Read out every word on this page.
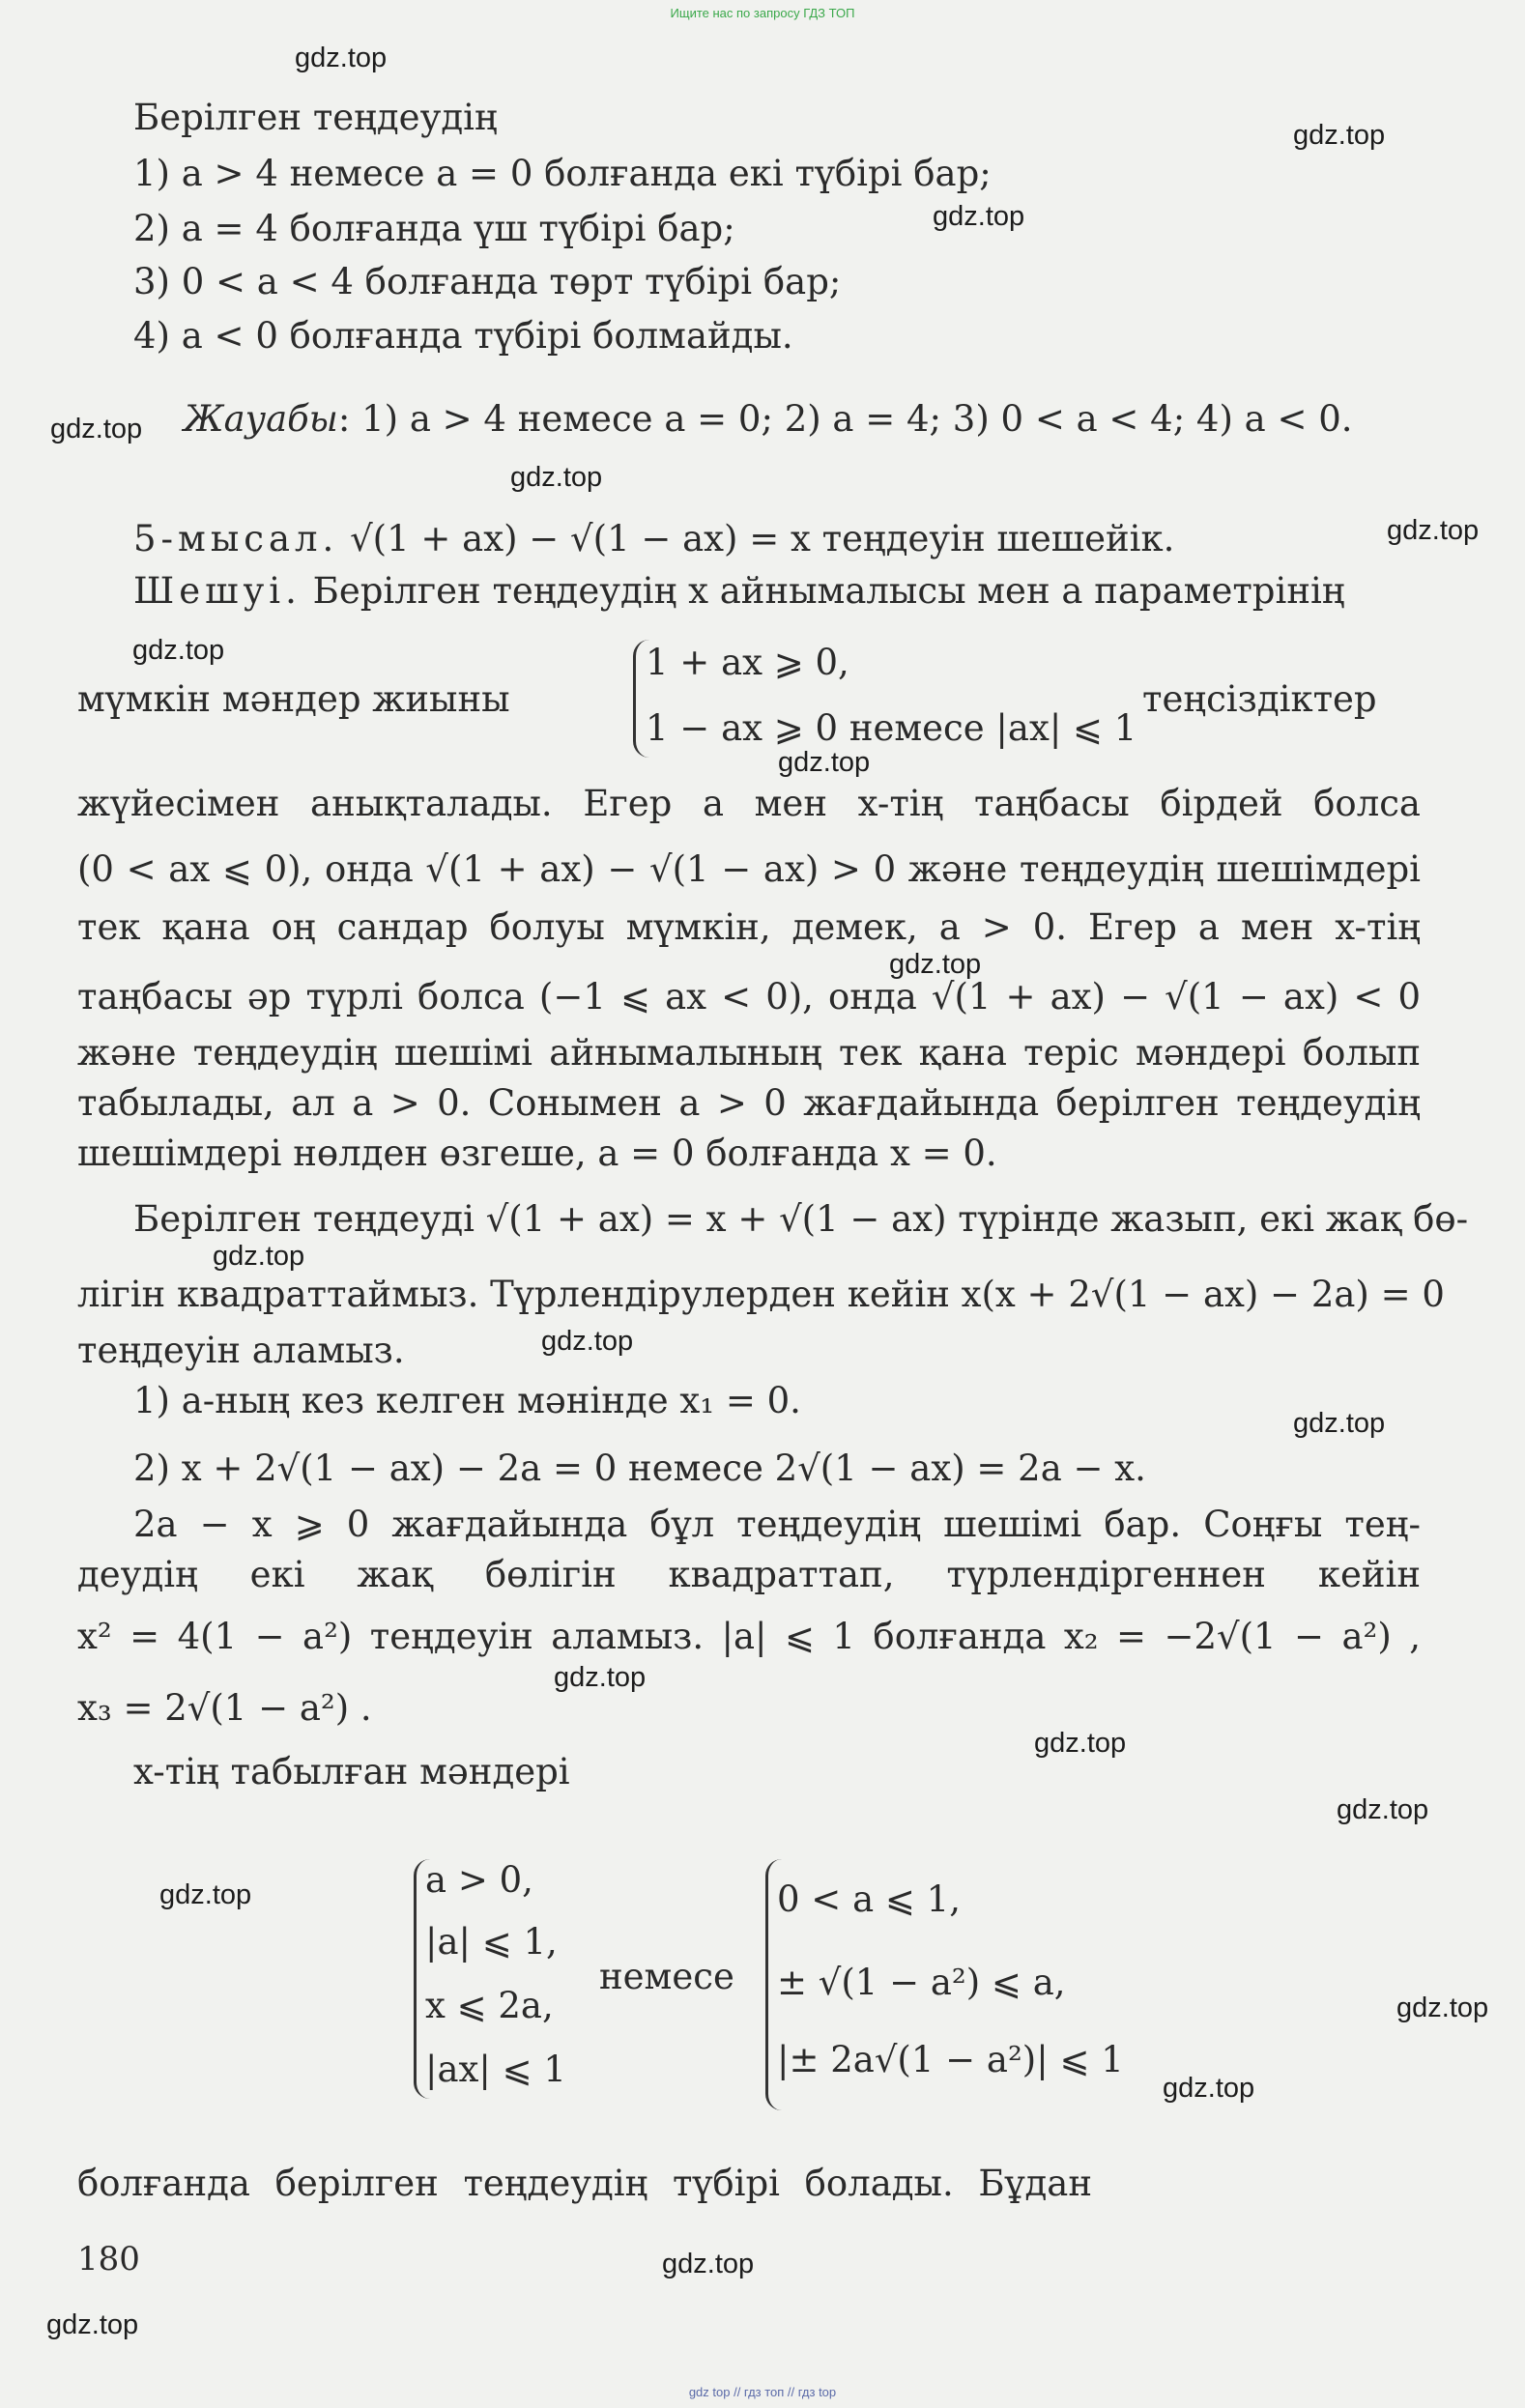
Ищите нас по запросу ГДЗ ТОП
gdz.top
gdz.top
gdz.top
gdz.top
gdz.top
gdz.top
gdz.top
gdz.top
gdz.top
gdz.top
gdz.top
gdz.top
gdz.top
gdz.top
gdz.top
gdz.top
gdz.top
gdz.top
gdz.top
gdz.top
Берілген теңдеудің
1) a > 4 немесе a = 0 болғанда екі түбірі бар;
2) a = 4 болғанда үш түбірі бар;
3) 0 < a < 4 болғанда төрт түбірі бар;
4) a < 0 болғанда түбірі болмайды.
Жауабы: 1) a > 4 немесе a = 0; 2) a = 4; 3) 0 < a < 4; 4) a < 0.
5-мысал. √(1 + ax) − √(1 − ax) = x теңдеуін шешейік.
Шешуі. Берілген теңдеудің x айнымалысы мен a параметрінің
мүмкін мәндер жиыны
1 + ax ⩾ 0,
1 − ax ⩾ 0 немесе |ax| ⩽ 1
теңсіздіктер
жүйесімен анықталады. Егер a мен x-тің таңбасы бірдей болса
(0 < ax ⩽ 0), онда √(1 + ax) − √(1 − ax) > 0 және теңдеудің шешімдері
тек қана оң сандар болуы мүмкін, демек, a > 0. Егер a мен x-тің
таңбасы әр түрлі болса (−1 ⩽ ax < 0), онда √(1 + ax) − √(1 − ax) < 0
және теңдеудің шешімі айнымалының тек қана теріс мәндері болып
табылады, ал a > 0. Сонымен a > 0 жағдайында берілген теңдеудің
шешімдері нөлден өзгеше, a = 0 болғанда x = 0.
Берілген теңдеуді √(1 + ax) = x + √(1 − ax) түрінде жазып, екі жақ бө-
лігін квадраттаймыз. Түрлендірулерден кейін x(x + 2√(1 − ax) − 2a) = 0
теңдеуін аламыз.
1) a-ның кез келген мәнінде x₁ = 0.
2) x + 2√(1 − ax) − 2a = 0 немесе 2√(1 − ax) = 2a − x.
2a − x ⩾ 0 жағдайында бұл теңдеудің шешімі бар. Соңғы тең-
деудің екі жақ бөлігін квадраттап, түрлендіргеннен кейін
x² = 4(1 − a²) теңдеуін аламыз. |a| ⩽ 1 болғанда x₂ = −2√(1 − a²) ,
x₃ = 2√(1 − a²) .
x-тің табылған мәндері
a > 0,
|a| ⩽ 1,
x ⩽ 2a,
|ax| ⩽ 1
немесе
0 < a ⩽ 1,
± √(1 − a²) ⩽ a,
|± 2a√(1 − a²)| ⩽ 1
болғанда берілген теңдеудің түбірі болады. Бұдан
180
gdz top // гдз топ // гдз top
